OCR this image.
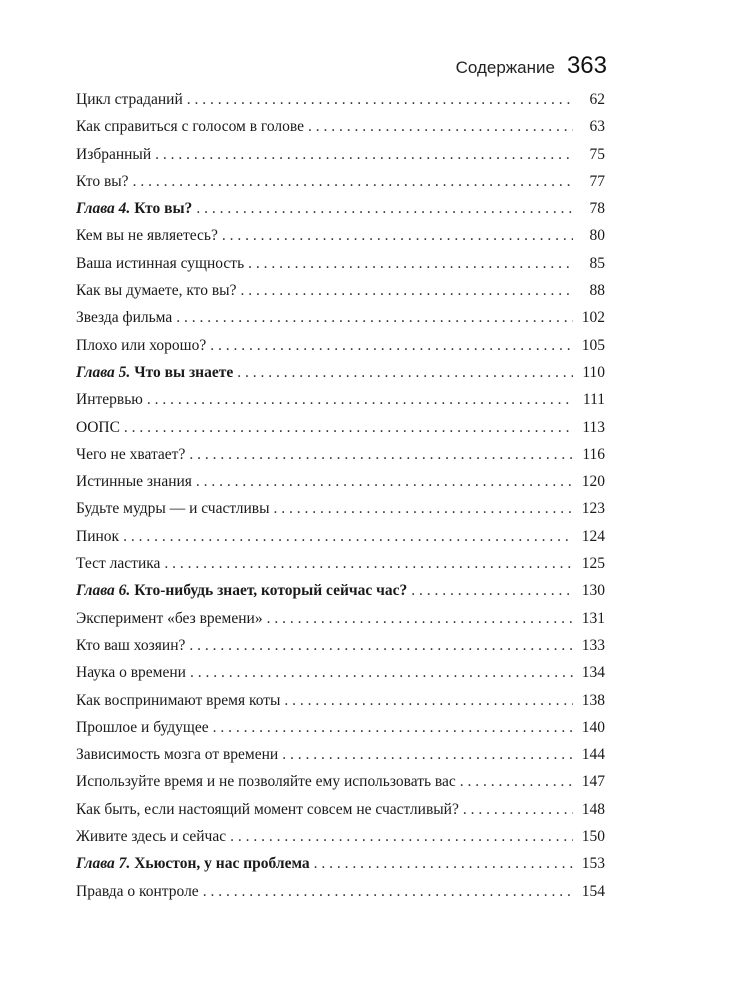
Содержание 363
Цикл страданий . . .	62
Как справиться с голосом в голове . . .	63
Избранный . . .	75
Кто вы? . . .	77
Глава 4. Кто вы? . . .	78
Кем вы не являетесь? . . .	80
Ваша истинная сущность . . .	85
Как вы думаете, кто вы? . . .	88
Звезда фильма . . .	102
Плохо или хорошо? . . .	105
Глава 5. Что вы знаете . . .	110
Интервью . . .	111
ООПС . . .	113
Чего не хватает? . . .	116
Истинные знания . . .	120
Будьте мудры — и счастливы . . .	123
Пинок . . .	124
Тест ластика . . .	125
Глава 6. Кто-нибудь знает, который сейчас час? . . .	130
Эксперимент «без времени» . . .	131
Кто ваш хозяин? . . .	133
Наука о времени . . .	134
Как воспринимают время коты . . .	138
Прошлое и будущее . . .	140
Зависимость мозга от времени . . .	144
Используйте время и не позволяйте ему использовать вас . . .	147
Как быть, если настоящий момент совсем не счастливый? . . .	148
Живите здесь и сейчас . . .	150
Глава 7. Хьюстон, у нас проблема . . .	153
Правда о контроле . . .	154
